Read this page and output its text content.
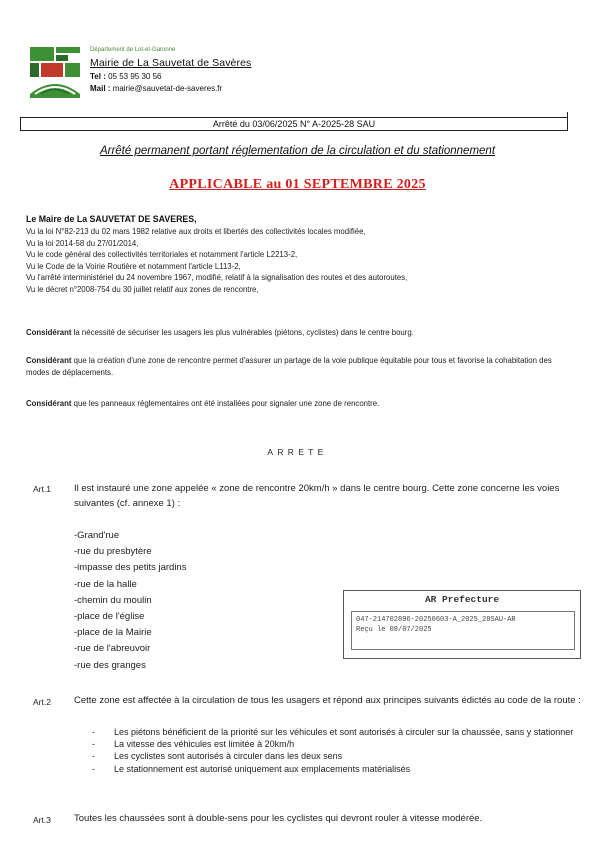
Département de Lot-et-Garonne
Mairie de La Sauvetat de Savères
Tel : 05 53 95 30 56
Mail : mairie@sauvetat-de-saveres.fr
Arrêté du 03/06/2025 N° A-2025-28 SAU
Arrêté permanent portant réglementation de la circulation et du stationnement
APPLICABLE au 01 SEPTEMBRE 2025
Le Maire de La SAUVETAT DE SAVERES,
Vu la loi N°82-213 du 02 mars 1982 relative aux droits et libertés des collectivités locales modifiée,
Vu la loi 2014-58 du 27/01/2014,
Vu le code général des collectivités territoriales et notamment l'article L2213-2,
Vu le Code de la Voirie Routière et notamment l'article L113-2,
Vu l'arrêté interministériel du 24 novembre 1967, modifié, relatif à la signalisation des routes et des autoroutes,
Vu le décret n°2008-754 du 30 juillet relatif aux zones de rencontre,
Considérant la nécessité de sécuriser les usagers les plus vulnérables (piétons, cyclistes) dans le centre bourg.
Considérant que la création d'une zone de rencontre permet d'assurer un partage de la voie publique équitable pour tous et favorise la cohabitation des modes de déplacements.
Considérant que les panneaux réglementaires ont été installées pour signaler une zone de rencontre.
ARRETE
Art.1 Il est instauré une zone appelée « zone de rencontre 20km/h » dans le centre bourg. Cette zone concerne les voies suivantes (cf. annexe 1) :
-Grand'rue
-rue du presbytère
-impasse des petits jardins
-rue de la halle
-chemin du moulin
-place de l'église
-place de la Mairie
-rue de l'abreuvoir
-rue des granges
AR Prefecture
047-214702896-20250603-A_2025_28SAU-AR
Reçu le 08/07/2025
Art.2 Cette zone est affectée à la circulation de tous les usagers et répond aux principes suivants édictés au code de la route :
- Les piétons bénéficient de la priorité sur les véhicules et sont autorisés à circuler sur la chaussée, sans y stationner
- La vitesse des véhicules est limitée à 20km/h
- Les cyclistes sont autorisés à circuler dans les deux sens
- Le stationnement est autorisé uniquement aux emplacements matérialisés
Art.3 Toutes les chaussées sont à double-sens pour les cyclistes qui devront rouler à vitesse modérée.
